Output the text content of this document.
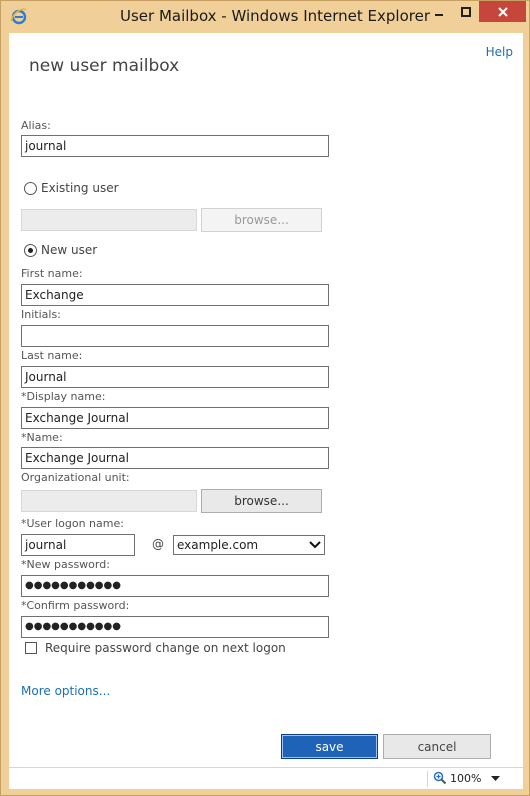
User Mailbox - Windows Internet Explorer
Help
new user mailbox
Alias:
journal
Existing user
browse...
New user
First name:
Exchange
Initials:
Last name:
Journal
*Display name:
Exchange Journal
*Name:
Exchange Journal
Organizational unit:
browse...
*User logon name:
journal	@ example.com
*New password:
●●●●●●●●●●●
*Confirm password:
●●●●●●●●●●●
Require password change on next logon
More options...
save	cancel
100%
